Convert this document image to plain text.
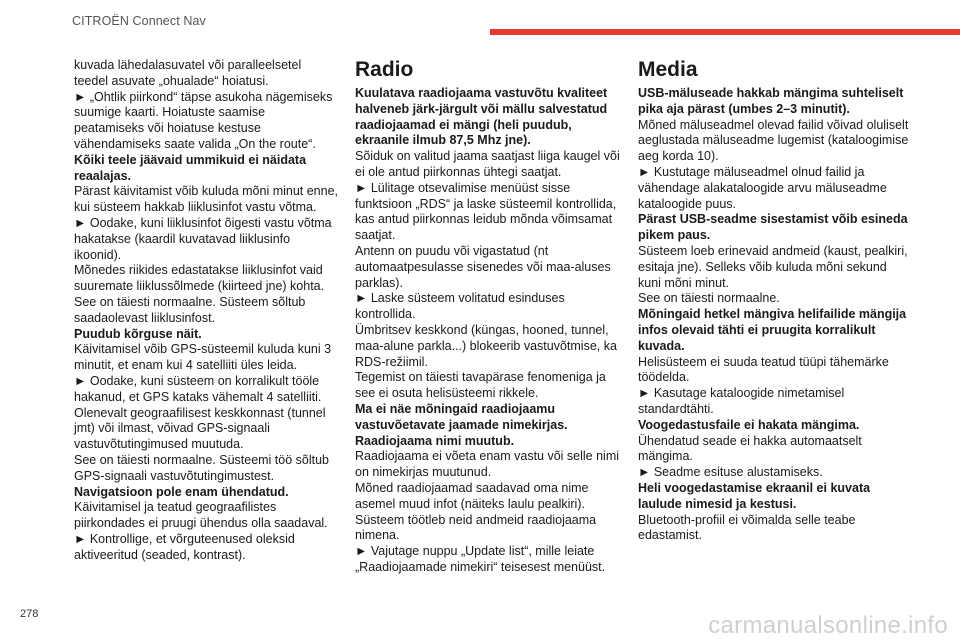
CITROËN Connect Nav

kuvada lähedalasuvatel või paralleelsetel teedel asuvate „ohualade“ hoiatusi.

► „Ohtlik piirkond“ täpse asukoha nägemiseks suumige kaarti. Hoiatuste saamise peatamiseks või hoiatuse kestuse vähendamiseks saate valida „On the route“.

Kõiki teele jäävaid ummikuid ei näidata reaalajas.

Pärast käivitamist võib kuluda mõni minut enne, kui süsteem hakkab liiklusinfot vastu võtma.

► Oodake, kuni liiklusinfot õigesti vastu võtma hakatakse (kaardil kuvatavad liiklusinfo ikoonid).

Mõnedes riikides edastatakse liiklusinfot vaid suuremate liiklussõlmede (kiirteed jne) kohta.

See on täiesti normaalne. Süsteem sõltub saadaolevast liiklusinfost.

Puudub kõrguse näit.

Käivitamisel võib GPS-süsteemil kuluda kuni 3 minutit, et enam kui 4 satelliiti üles leida.

► Oodake, kuni süsteem on korralikult tööle hakanud, et GPS kataks vähemalt 4 satelliiti.

Olenevalt geograafilisest keskkonnast (tunnel jmt) või ilmast, võivad GPS-signaali vastuvõtutingimused muutuda.

See on täiesti normaalne. Süsteemi töö sõltub GPS-signaali vastuvõtutingimustest.

Navigatsioon pole enam ühendatud.

Käivitamisel ja teatud geograafilistes piirkondades ei pruugi ühendus olla saadaval.

► Kontrollige, et võrguteenused oleksid aktiveeritud (seaded, kontrast).

Radio

Kuulatava raadiojaama vastuvõtu kvaliteet halveneb järk-järgult või mällu salvestatud raadiojaamad ei mängi (heli puudub, ekraanile ilmub 87,5 Mhz jne).

Sõiduk on valitud jaama saatjast liiga kaugel või ei ole antud piirkonnas ühtegi saatjat.

► Lülitage otsevalimise menüüst sisse funktsioon „RDS“ ja laske süsteemil kontrollida, kas antud piirkonnas leidub mõnda võimsamat saatjat.

Antenn on puudu või vigastatud (nt automaatpesulasse sisenedes või maa-aluses parklas).

► Laske süsteem volitatud esinduses kontrollida.

Ümbritsev keskkond (küngas, hooned, tunnel, maa-alune parkla...) blokeerib vastuvõtmise, ka RDS-režiimil.

Tegemist on täiesti tavapärase fenomeniga ja see ei osuta helisüsteemi rikkele.

Ma ei näe mõningaid raadiojaamu vastuvõetavate jaamade nimekirjas.

Raadiojaama nimi muutub.

Raadiojaama ei võeta enam vastu või selle nimi on nimekirjas muutunud.

Mõned raadiojaamad saadavad oma nime asemel muud infot (näiteks laulu pealkiri).

Süsteem töötleb neid andmeid raadiojaama nimena.

► Vajutage nuppu „Update list“, mille leiate „Raadiojaamade nimekiri“ teisesest menüüst.

Media

USB-mäluseade hakkab mängima suhteliselt pika aja pärast (umbes 2–3 minutit).

Mõned mäluseadmel olevad failid võivad oluliselt aeglustada mäluseadme lugemist (kataloogimise aeg korda 10).

► Kustutage mäluseadmel olnud failid ja vähendage alakataloogide arvu mäluseadme kataloogide puus.

Pärast USB-seadme sisestamist võib esineda pikem paus.

Süsteem loeb erinevaid andmeid (kaust, pealkiri, esitaja jne). Selleks võib kuluda mõni sekund kuni mõni minut.

See on täiesti normaalne.

Mõningaid hetkel mängiva helifailide mängija infos olevaid tähti ei pruugita korralikult kuvada.

Helisüsteem ei suuda teatud tüüpi tähemärke töödelda.

► Kasutage kataloogide nimetamisel standardtähti.

Voogedastusfaile ei hakata mängima.

Ühendatud seade ei hakka automaatselt mängima.

► Seadme esituse alustamiseks.

Heli voogedastamise ekraanil ei kuvata laulude nimesid ja kestusi.

Bluetooth-profiil ei võimalda selle teabe edastamist.

278	carmanualsonline.info
